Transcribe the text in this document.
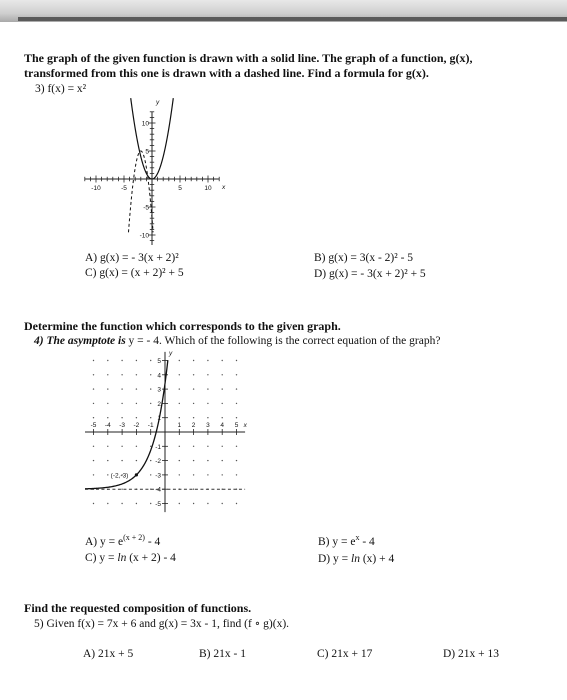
The graph of the given function is drawn with a solid line. The graph of a function, g(x),
transformed from this one is drawn with a dashed line. Find a formula for g(x).
3) f(x) = x²
-10	-5	5	10
10
5
-5
-10
y
x
A) g(x) = - 3(x + 2)²	B) g(x) = 3(x - 2)² - 5
C) g(x) = (x + 2)² + 5	D) g(x) = - 3(x + 2)² + 5
Determine the function which corresponds to the given graph.
4) The asymptote is y = - 4. Which of the following is the correct equation of the graph?
-5 -4 -3 -2 -1	1 2 3 4 5
5
4
3
2
1
-1
-2
-3
-4
-5
y
x
(-2,-3)
A) $y = e^{(x + 2)} - 4$	B) $y = e^x - 4$
C) y = ln (x + 2) - 4	D) y = ln (x) + 4
Find the requested composition of functions.
5) Given f(x) = 7x + 6 and g(x) = 3x - 1, find (f ∘ g)(x).
A) 21x + 5	B) 21x - 1	C) 21x + 17	D) 21x + 13
